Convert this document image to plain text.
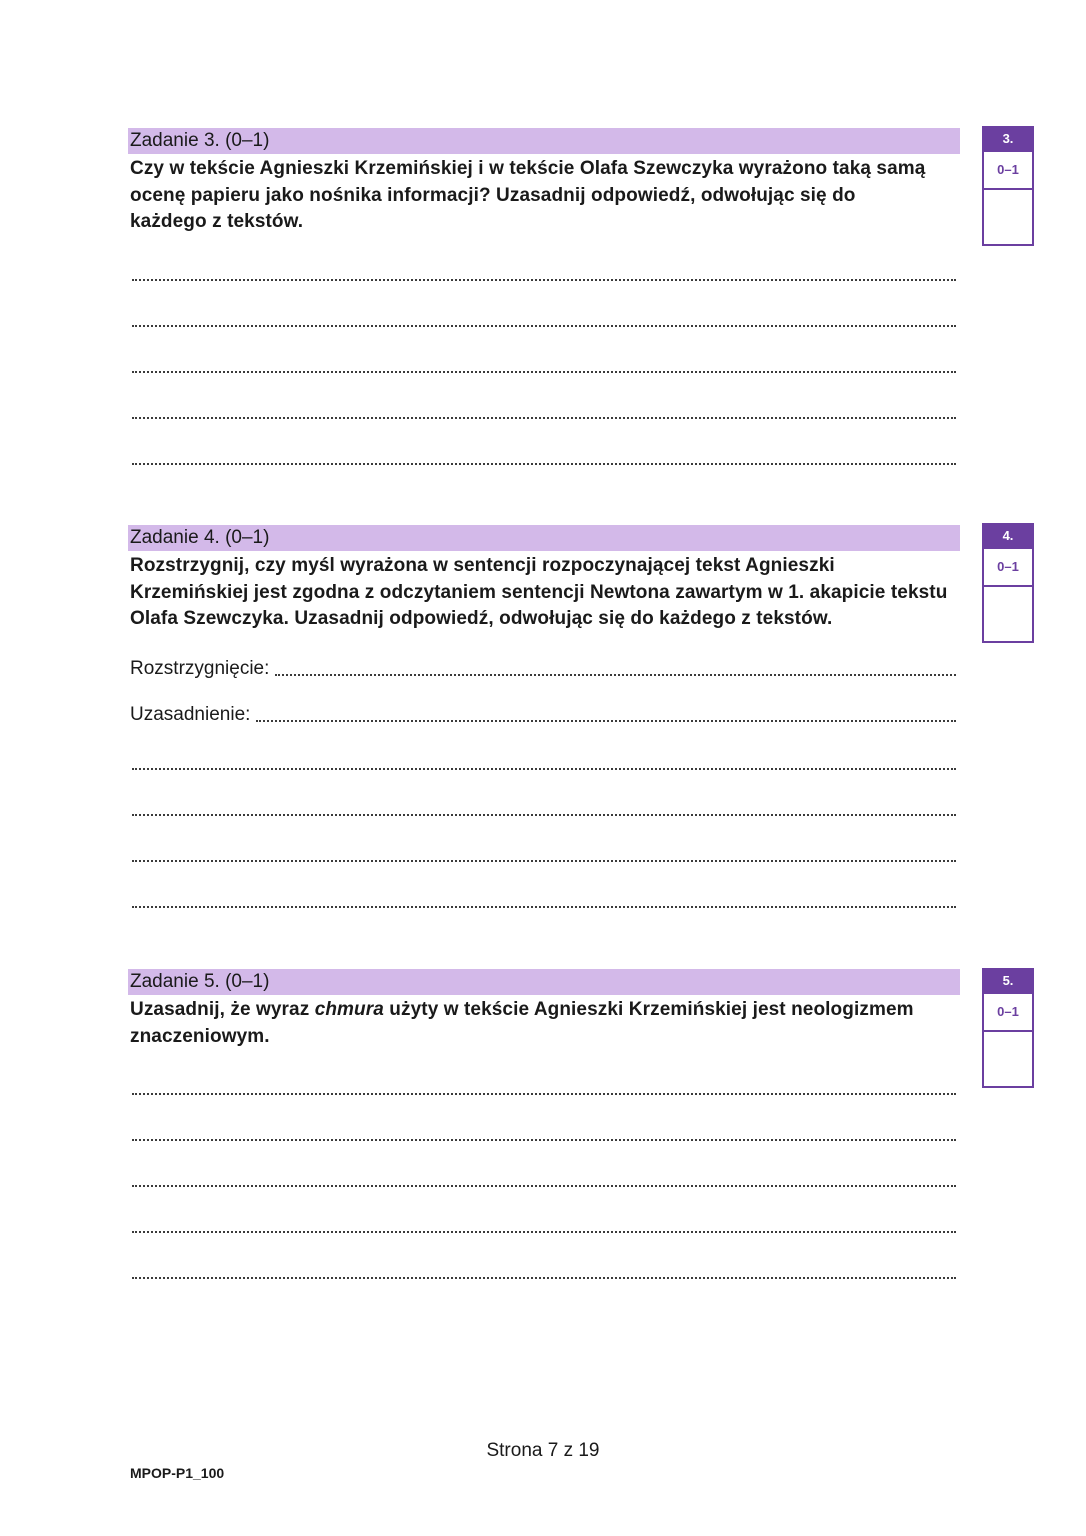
Zadanie 3. (0–1)
Czy w tekście Agnieszki Krzemińskiej i w tekście Olafa Szewczyka wyrażono taką samą ocenę papieru jako nośnika informacji? Uzasadnij odpowiedź, odwołując się do każdego z tekstów.
3.
0–1
Zadanie 4. (0–1)
Rozstrzygnij, czy myśl wyrażona w sentencji rozpoczynającej tekst Agnieszki Krzemińskiej jest zgodna z odczytaniem sentencji Newtona zawartym w 1. akapicie tekstu Olafa Szewczyka. Uzasadnij odpowiedź, odwołując się do każdego z tekstów.
Rozstrzygnięcie:
Uzasadnienie:
4.
0–1
Zadanie 5. (0–1)
Uzasadnij, że wyraz chmura użyty w tekście Agnieszki Krzemińskiej jest neologizmem znaczeniowym.
5.
0–1
Strona 7 z 19
MPOP-P1_100
